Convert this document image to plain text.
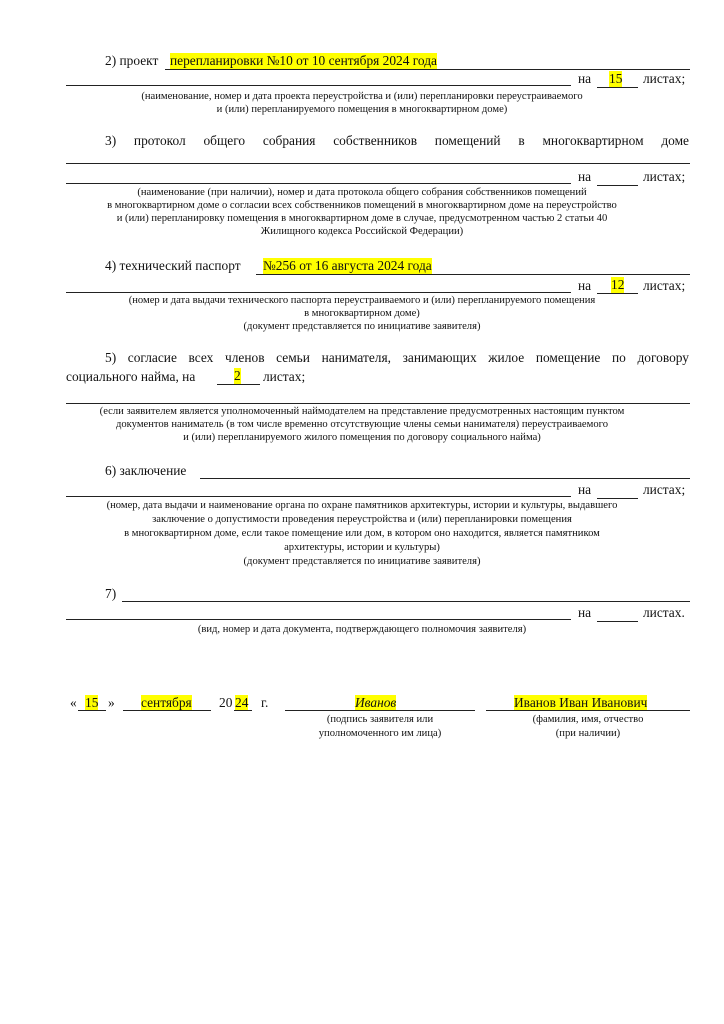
2) проект перепланировки №10 от 10 сентября 2024 года
на 15 листах;
(наименование, номер и дата проекта переустройства и (или) перепланировки переустраиваемого
и (или) перепланируемого помещения в многоквартирном доме)
3) протокол общего собрания собственников помещений в многоквартирном доме
на	листах;
(наименование (при наличии), номер и дата протокола общего собрания собственников помещений
в многоквартирном доме о согласии всех собственников помещений в многоквартирном доме на переустройство
и (или) перепланировку помещения в многоквартирном доме в случае, предусмотренном частью 2 статьи 40
Жилищного кодекса Российской Федерации)
4) технический паспорт №256 от 16 августа 2024 года
на 12 листах;
(номер и дата выдачи технического паспорта переустраиваемого и (или) перепланируемого помещения
в многоквартирном доме)
(документ представляется по инициативе заявителя)
5) согласие всех членов семьи нанимателя, занимающих жилое помещение по договору
социального найма, на	2 листах;
(если заявителем является уполномоченный наймодателем на представление предусмотренных настоящим пунктом
документов наниматель (в том числе временно отсутствующие члены семьи нанимателя) переустраиваемого
и (или) перепланируемого жилого помещения по договору социального найма)
6) заключение
на	листах;
(номер, дата выдачи и наименование органа по охране памятников архитектуры, истории и культуры, выдавшего
заключение о допустимости проведения переустройства и (или) перепланировки помещения
в многоквартирном доме, если такое помещение или дом, в котором оно находится, является памятником
архитектуры, истории и культуры)
(документ представляется по инициативе заявителя)
7)
на	листах.
(вид, номер и дата документа, подтверждающего полномочия заявителя)
« 15 » сентября 20 24 г.	Иванов
(подпись заявителя или
уполномоченного им лица)
Иванов Иван Иванович
(фамилия, имя, отчество
(при наличии)
